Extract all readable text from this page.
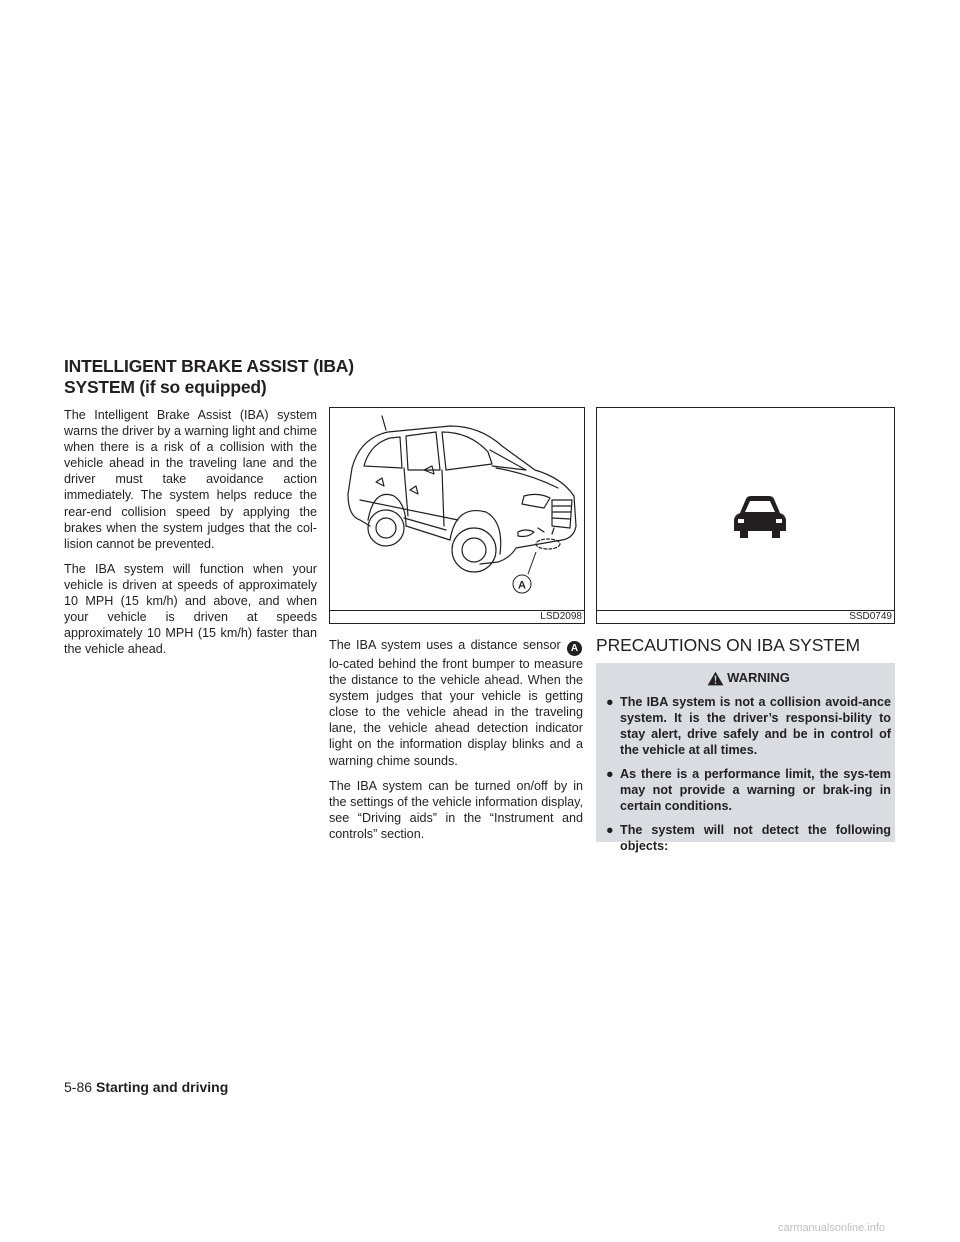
INTELLIGENT BRAKE ASSIST (IBA)
SYSTEM (if so equipped)

The Intelligent Brake Assist (IBA) system warns the driver by a warning light and chime when there is a risk of a collision with the vehicle ahead in the traveling lane and the driver must take avoidance action immediately. The system helps reduce the rear-end collision speed by applying the brakes when the system judges that the col-lision cannot be prevented.

The IBA system will function when your vehicle is driven at speeds of approximately 10 MPH (15 km/h) and above, and when your vehicle is driven at speeds approximately 10 MPH (15 km/h) faster than the vehicle ahead.

A
LSD2098	SSD0749

The IBA system uses a distance sensor Alo-cated behind the front bumper to measure the distance to the vehicle ahead. When the system judges that your vehicle is getting close to the vehicle ahead in the traveling lane, the vehicle ahead detection indicator light on the information display blinks and a warning chime sounds.

The IBA system can be turned on/off by in the settings of the vehicle information display, see “Driving aids” in the “Instrument and controls” section.

PRECAUTIONS ON IBA SYSTEM
WARNING
● The IBA system is not a collision avoid-ance system. It is the driver’s responsi-bility to stay alert, drive safely and be in control of the vehicle at all times.
● As there is a performance limit, the sys-tem may not provide a warning or brak-ing in certain conditions.
● The system will not detect the following objects:
5-86 Starting and driving
carmanualsonline.info
